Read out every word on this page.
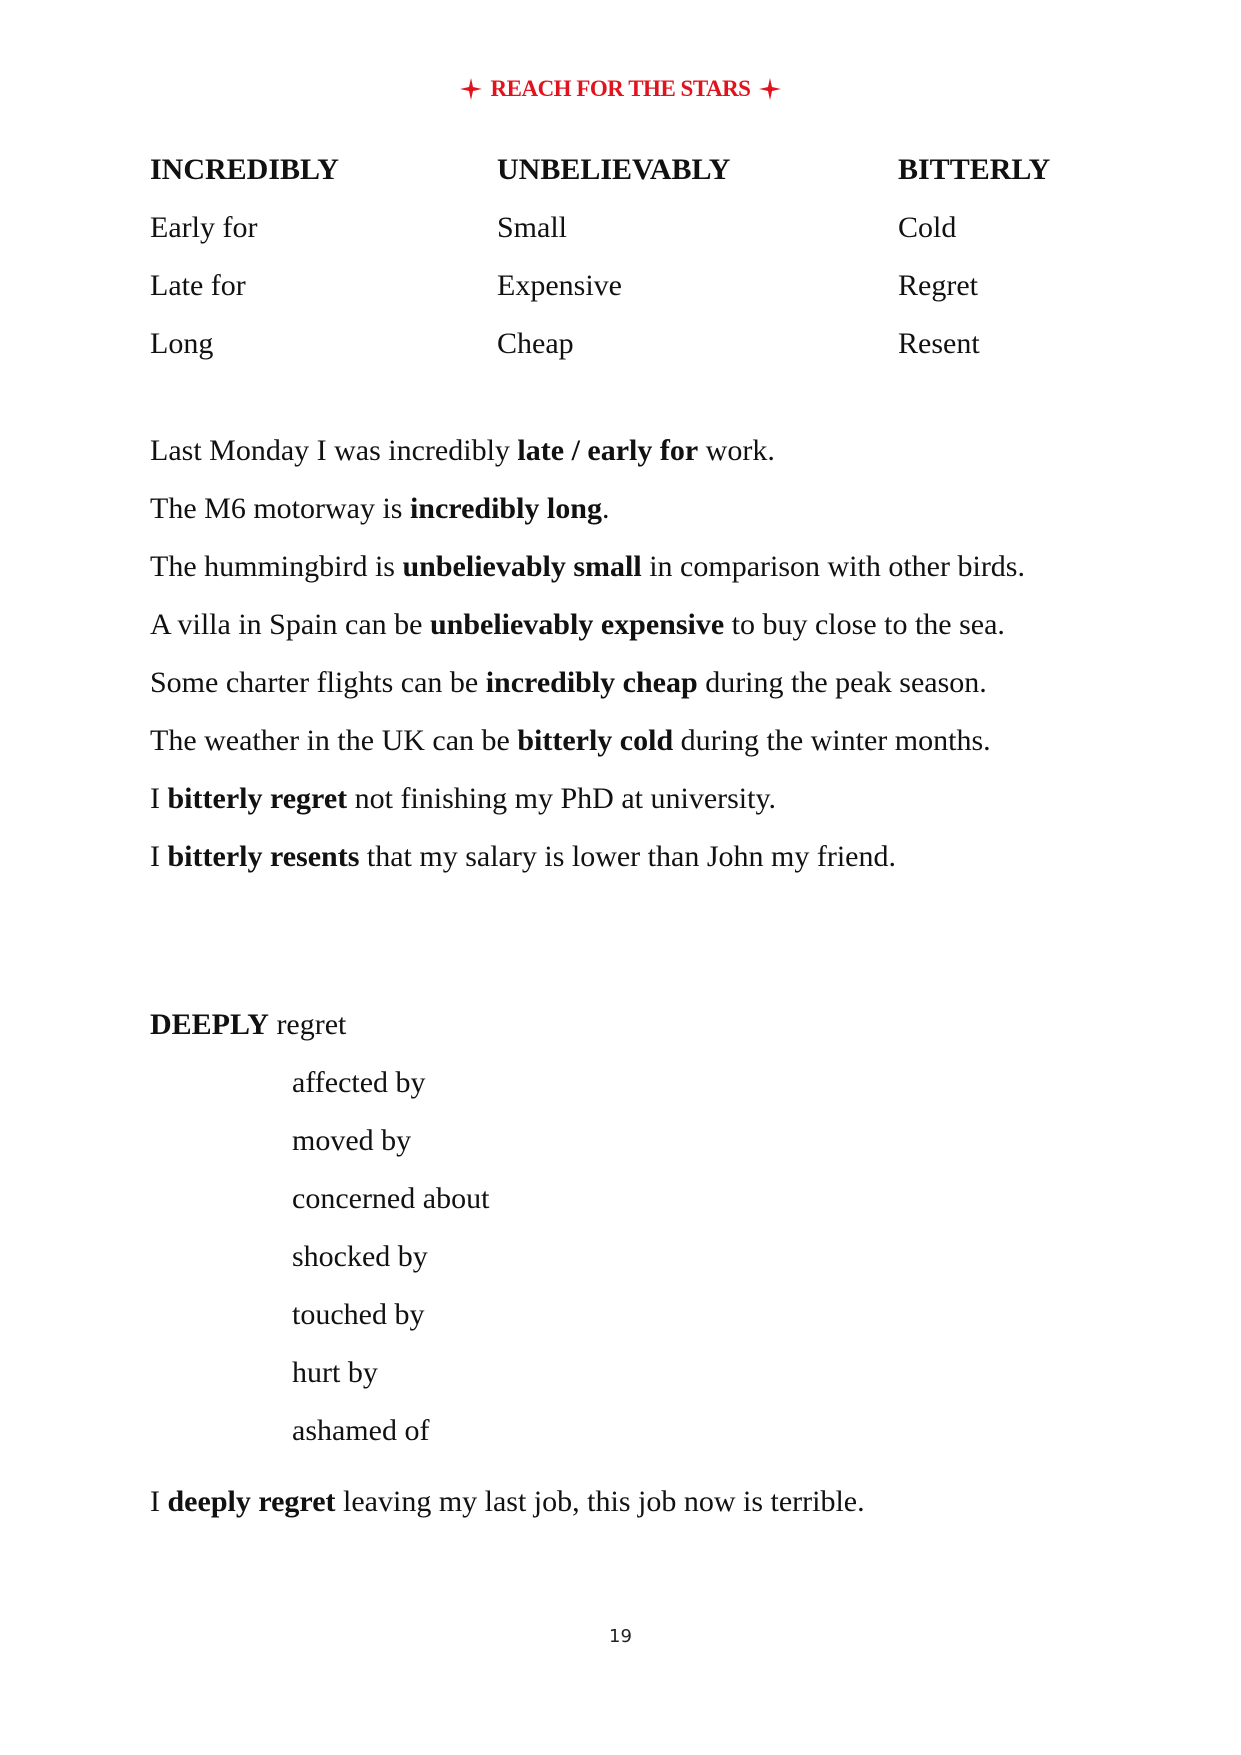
REACH FOR THE STARS
INCREDIBLY
Early for
Late for
Long
UNBELIEVABLY
Small
Expensive
Cheap
BITTERLY
Cold
Regret
Resent

Last Monday I was incredibly late / early for work.

The M6 motorway is incredibly long.

The hummingbird is unbelievably small in comparison with other birds.

A villa in Spain can be unbelievably expensive to buy close to the sea.

Some charter flights can be incredibly cheap during the peak season.

The weather in the UK can be bitterly cold during the winter months.

I bitterly regret not finishing my PhD at university.

I bitterly resents that my salary is lower than John my friend.

DEEPLY regret
affected by
moved by
concerned about
shocked by
touched by
hurt by
ashamed of
I deeply regret leaving my last job, this job now is terrible.
19
